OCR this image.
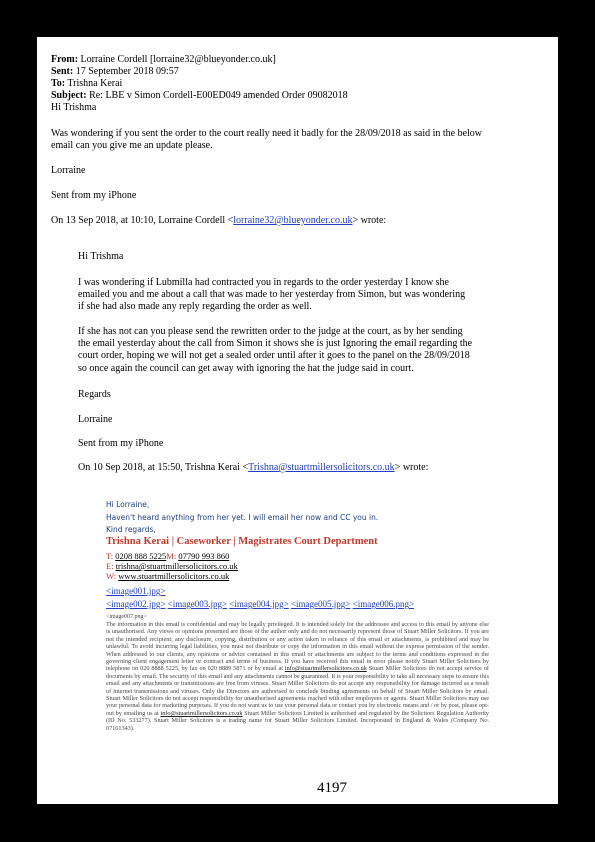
From: Lorraine Cordell [lorraine32@blueyonder.co.uk]
Sent: 17 September 2018 09:57
To: Trishna Kerai
Subject: Re: LBE v Simon Cordell-E00ED049 amended Order 09082018
Hi Trishma
Was wondering if you sent the order to the court really need it badly for the 28/09/2018 as said in the below
email can you give me an update please.
Lorraine
Sent from my iPhone
On 13 Sep 2018, at 10:10, Lorraine Cordell <lorraine32@blueyonder.co.uk> wrote:
Hi Trishma
I was wondering if Lubmilla had contracted you in regards to the order yesterday I know she
emailed you and me about a call that was made to her yesterday from Simon, but was wondering
if she had also made any reply regarding the order as well.
If she has not can you please send the rewritten order to the judge at the court, as by her sending
the email yesterday about the call from Simon it shows she is just Ignoring the email regarding the
court order, hoping we will not get a sealed order until after it goes to the panel on the 28/09/2018
so once again the council can get away with ignoring the hat the judge said in court.
Regards
Lorraine
Sent from my iPhone
On 10 Sep 2018, at 15:50, Trishna Kerai <Trishna@stuartmillersolicitors.co.uk> wrote:
Hi Lorraine,
Haven't heard anything from her yet. I will email her now and CC you in.
Kind regards,
Trishna Kerai | Caseworker | Magistrates Court Department
T: 0208 888 5225M: 07790 993 860
E: trishna@stuartmillersolicitors.co.uk
W: www.stuartmillersolicitors.co.uk
<image001.jpg>
<image002.jpg> <image003.jpg> <image004.jpg> <image005.jpg> <image006.png>
<image007.png>
The information in this email is confidential and may be legally privileged. It is intended solely for the addressee and access to this email by anyone else is unauthorised. Any views or opinions presented are those of the author only and do not necessarily represent those of Stuart Miller Solicitors. If you are not the intended recipient; any disclosure, copying, distribution or any action taken in reliance of this email or attachments, is prohibited and may be unlawful. To avoid incurring legal liabilities, you must not distribute or copy the information in this email without the express permission of the sender. When addressed to our clients, any opinions or advice contained in this email or attachments are subject to the terms and conditions expressed in the governing client engagement letter or contract and terms of business. If you have received this email in error please notify Stuart Miller Solicitors by telephone on 020 8888 5225, by fax on 020 8889 5871 or by email at info@stuartmillersolicitors.co.uk Stuart Miller Solicitors do not accept service of documents by email. The security of this email and any attachments cannot be guaranteed. It is your responsibility to take all necessary steps to ensure this email and any attachments or transmissions are free from viruses. Stuart Miller Solicitors do not accept any responsibility for damage incurred as a result of internet transmissions and viruses. Only the Directors are authorised to conclude binding agreements on behalf of Stuart Miller Solicitors by email. Stuart Miller Solicitors do not accept responsibility for unauthorised agreements reached with other employees or agents. Stuart Miller Solicitors may use your personal data for marketing purposes. If you do not want us to use your personal data or contact you by electronic means and / or by post, please opt-out by emailing us at info@stuartmillersolicitors.co.uk Stuart Miller Solicitors Limited is authorised and regulated by the Solicitors Regulation Authority (ID No. 533277). Stuart Miller Solicitors is a trading name for Stuart Miller Solicitors Limited. Incorporated in England & Wales (Company No. 07161343).
4197
